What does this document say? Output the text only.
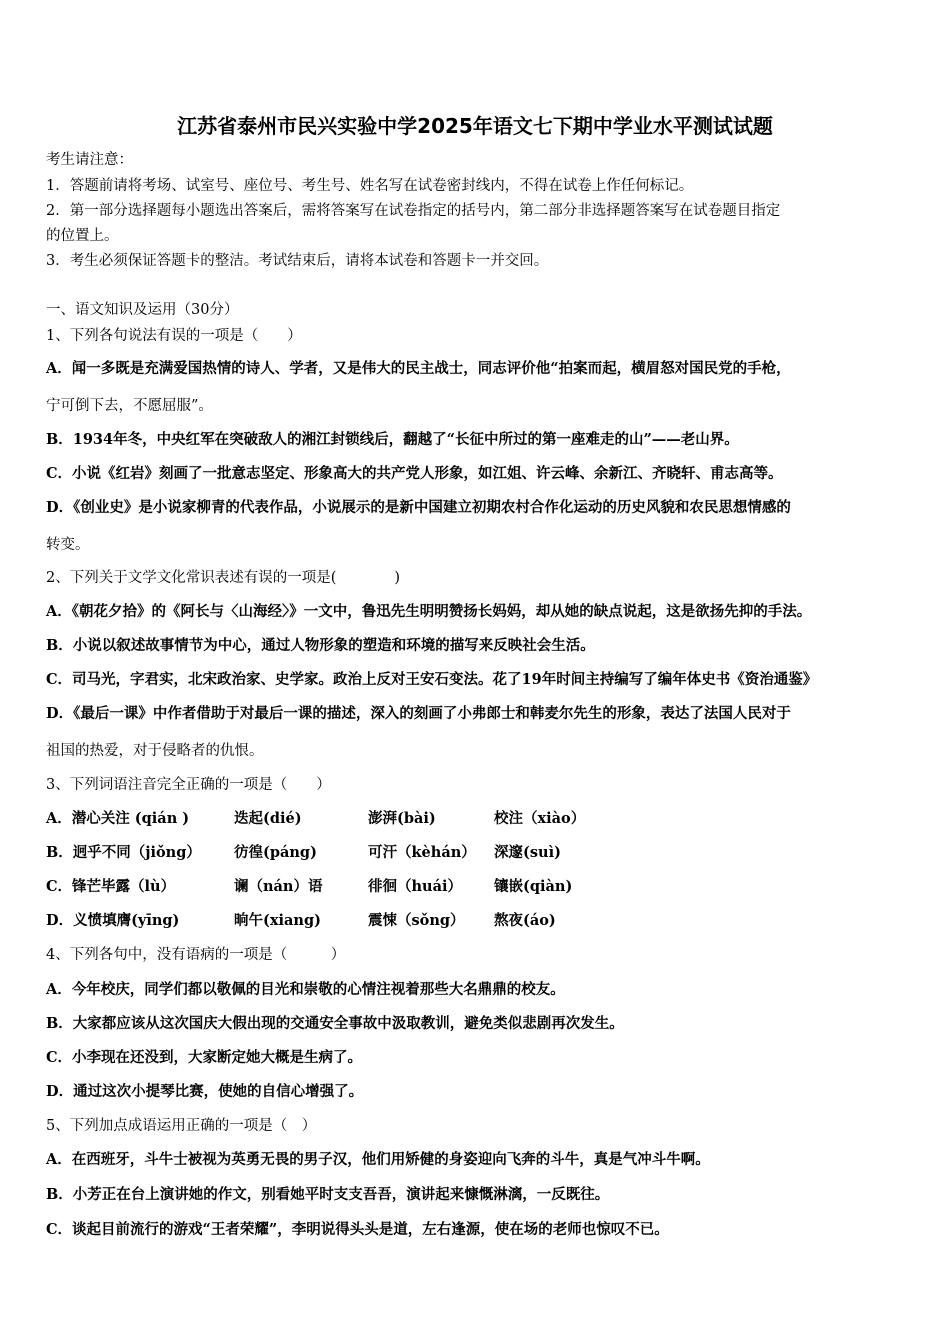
江苏省泰州市民兴实验中学2025年语文七下期中学业水平测试试题
考生请注意：
1．答题前请将考场、试室号、座位号、考生号、姓名写在试卷密封线内，不得在试卷上作任何标记。
2．第一部分选择题每小题选出答案后，需将答案写在试卷指定的括号内，第二部分非选择题答案写在试卷题目指定
的位置上。
3．考生必须保证答题卡的整洁。考试结束后，请将本试卷和答题卡一并交回。
一、语文知识及运用（30分）
1、下列各句说法有误的一项是（　　）
A．闻一多既是充满爱国热情的诗人、学者，又是伟大的民主战士，同志评价他“拍案而起，横眉怒对国民党的手枪，
宁可倒下去，不愿屈服”。
B．1934年冬，中央红军在突破敌人的湘江封锁线后，翻越了“长征中所过的第一座难走的山”——老山界。
C．小说《红岩》刻画了一批意志坚定、形象高大的共产党人形象，如江姐、许云峰、余新江、齐晓轩、甫志高等。
D．《创业史》是小说家柳青的代表作品，小说展示的是新中国建立初期农村合作化运动的历史风貌和农民思想情感的
转变。
2、下列关于文学文化常识表述有误的一项是(　　　　)
A．《朝花夕拾》的《阿长与〈山海经〉》一文中，鲁迅先生明明赞扬长妈妈，却从她的缺点说起，这是欲扬先抑的手法。
B．小说以叙述故事情节为中心，通过人物形象的塑造和环境的描写来反映社会生活。
C．司马光，字君实，北宋政治家、史学家。政治上反对王安石变法。花了19年时间主持编写了编年体史书《资治通鉴》
D．《最后一课》中作者借助于对最后一课的描述，深入的刻画了小弗郎士和韩麦尔先生的形象，表达了法国人民对于
祖国的热爱，对于侵略者的仇恨。
3、下列词语注音完全正确的一项是（　　）
A．潜心关注 (qián )	迭起(dié)	澎湃(bài)	校注（xiào）
B．迥乎不同（jiǒng） 彷徨(páng)	可汗（kèhán） 深邃(suì)
C．锋芒毕露（lù）	谰（nán）语	徘徊（huái） 镶嵌(qiàn)
D．义愤填膺(yīng)	晌午(xiang)	震悚（sǒng） 熬夜(áo)
4、下列各句中，没有语病的一项是（　　　）
A．今年校庆，同学们都以敬佩的目光和崇敬的心情注视着那些大名鼎鼎的校友。
B．大家都应该从这次国庆大假出现的交通安全事故中汲取教训，避免类似悲剧再次发生。
C．小李现在还没到，大家断定她大概是生病了。
D．通过这次小提琴比赛，使她的自信心增强了。
5、下列加点成语运用正确的一项是（　）
A．在西班牙，斗牛士被视为英勇无畏的男子汉，他们用矫健的身姿迎向飞奔的斗牛，真是气冲斗牛啊。
B．小芳正在台上演讲她的作文，别看她平时支支吾吾，演讲起来慷慨淋漓，一反既往。
C．谈起目前流行的游戏“王者荣耀”，李明说得头头是道，左右逢源，使在场的老师也惊叹不已。
